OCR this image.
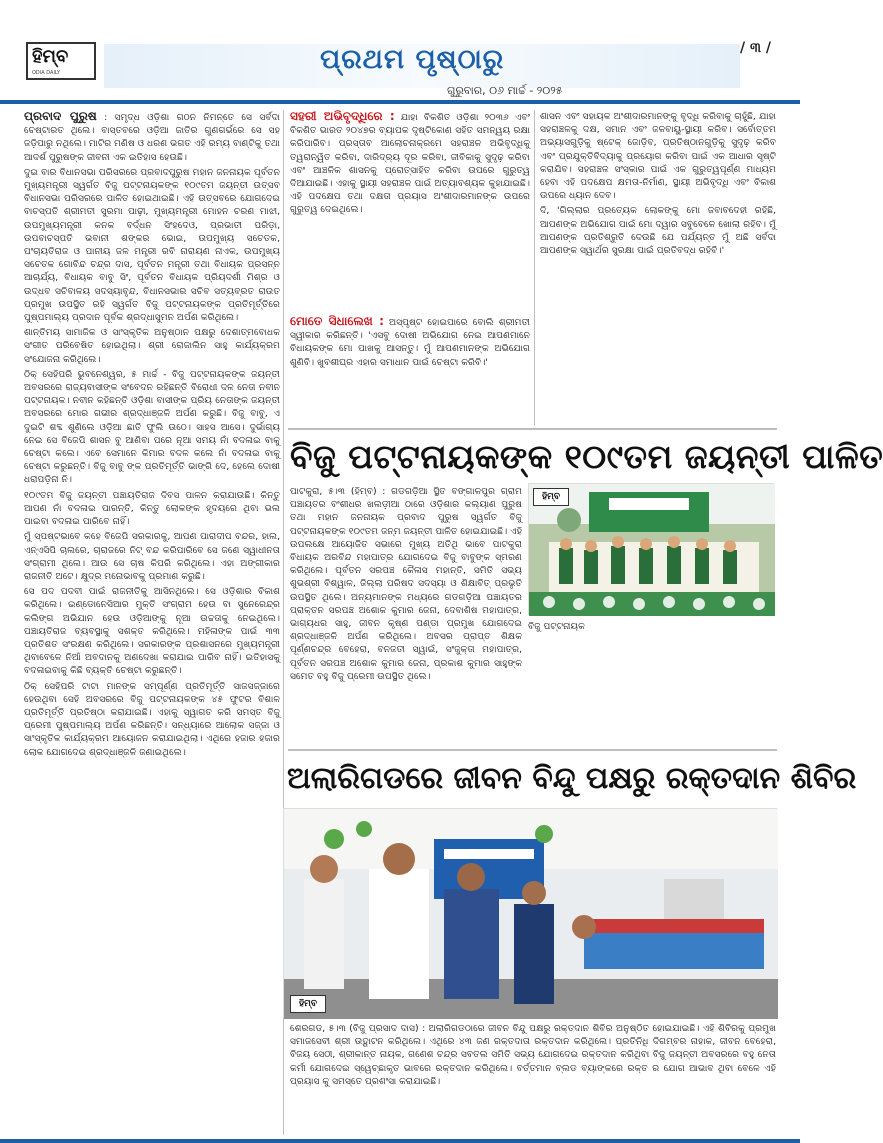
ହିମ୍ବ
ODIA DAILY	ପ୍ରଥମ ପୃଷ୍ଠାରୁ
ଗୁରୁବାର, ୦୬ ମାର୍ଚ୍ଚ - ୨୦୨୫
/ ୩ /

ପ୍ରବାଦ ପୁରୁଷ : ସମୃଦ୍ଧ ଓଡ଼ିଶା ଗଠନ ନିମନ୍ତେ ସେ ସର୍ବଦା ଚେଷ୍ଟାରତ ଥିଲେ। ବାସ୍ତବରେ ଓଡ଼ିଆ ଜାତିର ଗୁଣଗର୍ଭରେ ସେ ସହ ଜଡ଼ିପାରୁ ନଥିଲେ। ମାଟିର ମଣିଷ ଓ ଧରଣ ଭଗତ ଏହି ରମ୍ୟ ବାଣ୍ଟିକୁ ତଥା ଆଦର୍ଶ ପୁରୁଷଙ୍କ ଜୀବନୀ ଏକ ଇତିହାସ ହେଉଛି।

ଦୁଇ ବାର ବିଧାନସଭା ପରିସରରେ ପ୍ରବାଦପୁରୁଷ ମହାନ ଜନନାୟକ ପୂର୍ବତନ ମୁଖ୍ୟମନ୍ତ୍ରୀ ସ୍ୱର୍ଗତ ବିଜୁ ପଟ୍ଟନାୟକଙ୍କ ୧୦୯ତମ ଜୟନ୍ତୀ ଉତ୍ସବ ବିଧାନସଭା ପରିସରରେ ପାଳିତ ହୋଇଥାଇଛି। ଏହି ଉତ୍ସବରେ ଯୋଗଦେଇ ବାଚସ୍ପତି ଶ୍ରୀମତୀ ସୁରମା ପାଢ଼ୀ, ମୁଖ୍ୟମନ୍ତ୍ରୀ ମୋହନ ଚରଣ ମାଝୀ, ଉପମୁଖ୍ୟମନ୍ତ୍ରୀ କନକ ବର୍ଦ୍ଧନ ସିଂହଦେଓ, ପ୍ରଭାତୀ ପରିଡ଼ା, ଉପବାଚସ୍ପତି ଭବାନୀ ଶଙ୍କର ଭୋଇ, ଉପମୁଖ୍ୟ ସଚେତକ, ପଂଚାୟତିରାଜ ଓ ପାନୀୟ ଜଳ ମନ୍ତ୍ରୀ ରବି ନାରାୟଣ ନାଏକ, ଉପମୁଖ୍ୟ ସଚେତକ ଗୋବିନ୍ଦ ଚନ୍ଦ୍ର ଦାସ, ପୂର୍ବତନ ମନ୍ତ୍ରୀ ତଥା ବିଧାୟକ ପ୍ରସନ୍ନ ଆଚାର୍ଯ୍ୟ, ବିଧାୟକ ବାବୁ ସିଂ, ପୂର୍ବତନ ବିଧାୟକ ପ୍ରିୟଦର୍ଶୀ ମିଶ୍ର ଓ ଉଦ୍ଧବ ସଚିବାଳୟ ସଦସ୍ୟାବୃନ୍ଦ, ବିଧାନସଭାର ସଚିବ ସତ୍ୟବ୍ରତ ରାଉତ ପ୍ରମୁଖ ଉପସ୍ଥିତ ରହି ସ୍ୱର୍ଗତ ବିଜୁ ପଟ୍ଟନାୟକଙ୍କ ପ୍ରତିମୂର୍ତ୍ତିରେ ପୁଷ୍ପମାଲ୍ୟ ପ୍ରଦାନ ପୂର୍ବକ ଶ୍ରଦ୍ଧାସୁମନ ଅର୍ପଣ କରିଥିଲେ।

ଶାନ୍ତିମୟ ସାମାଜିକ ଓ ସାଂସ୍କୃତିକ ଅନୁଷ୍ଠାନ ପକ୍ଷରୁ ଦେଶାତ୍ମବୋଧକ ସଂଗୀତ ପରିବେଷିତ ହୋଇଥିଲା। ଶ୍ରୀ ରୋଜାଲିନ ସାହୁ କାର୍ଯ୍ୟକ୍ରମ ସଂଯୋଜନା କରିଥିଲେ।

ଠିକ୍ ସେହିପରି ଭୁବନେଶ୍ୱର, ୫ ମାର୍ଚ୍ଚ - ବିଜୁ ପଟ୍ଟନାୟକଙ୍କ ଜୟନ୍ତୀ ଅବସରରେ ରାଜ୍ୟବାସୀଙ୍କ ସଂବେଦନ ରହିଛନ୍ତି ବିରୋଧୀ ଦଳ ନେତା ନବୀନ ପଟ୍ଟନାୟକ। ନବୀନ କହିଛନ୍ତି ଓଡ଼ିଶା ବାସୀଙ୍କ ପ୍ରିୟ ନେତାଙ୍କ ଜୟନ୍ତୀ ଅବସରରେ ମୋର ଗଭୀର ଶ୍ରଦ୍ଧାଞ୍ଜଳି ଅର୍ପଣ କରୁଛି। ବିଜୁ ବାବୁ, ଏ ଦୁଇଟି ଶବ୍ଦ ଶୁଣିଲେ ଓଡ଼ିଆ ଛାତି ଫୁଲି ଉଠେ। ସାହସ ଆସେ। ଦୁର୍ଭାଗ୍ୟ ନେଇ ସେ ବିଜେପି ଶାସନ ବୁ ଆଣିବା ପରେ ନୂଆ ସମୟ ନାଁ ବଦଳାଇ ବାକୁ ଚେଷ୍ଟା କଲେ। ଏବେ ସେମାନେ କିମାର ବଦଳ କଲେ ନାଁ ବଦଳାଇ ବାକୁ ଚେଷ୍ଟା କରୁଛନ୍ତି। ବିଜୁ ବାବୁ ଙ୍କ ପ୍ରତିମୂର୍ତ୍ତି ଭାଙ୍ଗି ଦେ, ହେଲେ ଦୋଷୀ ଧରାପଡ଼ିନା ନି।

୧୦୯ତମ ବିଜୁ ଜୟନ୍ତୀ ପଞ୍ଚାୟତିରାଜ ଦିବସ ପାଳନ କରାଯାଉଛି। କିନ୍ତୁ ଆପଣ ନାଁ ବଦଳାଇ ପାରନ୍ତି, କିନ୍ତୁ ଲୋକଙ୍କ ହୃଦୟରେ ଥିବା ଭଲ ପାଇବା ବଦଳାଇ ପାରିବେ ନାହିଁ।

ମୁଁ ସ୍ପଷ୍ଟଭାବେ କହେ ବିଜେପି ସରକାରକୁ, ଆପଣ ପାରାଦୀପ ବନ୍ଦର, ହାଲ, ଏନ୍ଏସିପି ଚାଲରେ, ଚାରାଜରେ ନିଟ୍ ବନ୍ଦ କରିପାରିବେ ସେ ଜଣେ ସ୍ୱାଧୀନତା ସଂଗ୍ରାମୀ ଥିଲେ। ଆଉ ସେ ଚାଷ କିପରି କରିଥିଲେ। ଏହା ଅଙ୍ଗୀକାର ରାଜନୀତି ଅଟେ। କ୍ଷୁଦ୍ର ମନୋଭାବକୁ ପ୍ରମାଣ କରୁଛି।

ସେ ପଦ ପଦବୀ ପାଇଁ ରାଜନୀତିକୁ ଆସିନଥିଲେ। ସେ ଓଡ଼ିଶାର ବିକାଶ କରିଥିଲେ। ଇଣ୍ଡୋନେସିଆର ମୁକ୍ତି ସଂଗ୍ରାମ ହେଉ ବା ସୁନେରେନ୍ଦ୍ର କଲିଙ୍ଗ ଅଭିଯାନ ହେଉ ଓଡ଼ିଆଙ୍କୁ ନୂଆ ଉଚ୍ଚତାକୁ ନେଇଥିଲେ। ପଞ୍ଚାୟତିରାଜ ବ୍ୟବସ୍ଥାକୁ ସଶକ୍ତ କରିଥିଲେ। ମହିଳାଙ୍କ ପାଇଁ ୩୩ ପ୍ରତିଶତ ସଂରକ୍ଷଣ କରିଥିଲେ। ସରକାରଙ୍କ ପ୍ରଶାସନରେ ମୁଖ୍ୟମନ୍ତ୍ରୀ ଥିବାବେଳେ ନିଆଁ ଅବଦାନକୁ ଅଣଦେଖା କରାଯାଇ ପାରିବ ନାହିଁ। ଇତିହାସକୁ ବଦଳାଇବାକୁ କିଛି ବ୍ୟକ୍ତି ଚେଷ୍ଟା କରୁଛନ୍ତି।

ଠିକ୍ ସେହିପରି ଟାଟା ମାନଙ୍କ ସମ୍ପୂର୍ଣ୍ଣ ପ୍ରତିମୂର୍ତ୍ତି ସାଜସଜ୍ଜାରେ ହେଉଥିବା ସେହି ଅବସରରେ ବିଜୁ ପଟ୍ଟନାୟକଙ୍କ ୪୫ ଫୁଟର ବିଶାଳ ପ୍ରତିମୂର୍ତ୍ତି ପ୍ରତିଷ୍ଠା କରାଯାଇଛି। ଏହାକୁ ସ୍ୱାଗତ କରି ସମସ୍ତ ବିଜୁ ପ୍ରେମୀ ପୁଷ୍ପମାଲ୍ୟ ଅର୍ପଣ କରିଛନ୍ତି। ସନ୍ଧ୍ୟାରେ ଆଲୋକ ସଜ୍ଜା ଓ ସାଂସ୍କୃତିକ କାର୍ଯ୍ୟକ୍ରମ ଆୟୋଜନ କରାଯାଇଥିଲା। ଏଥିରେ ହଜାର ହଜାର ଲୋକ ଯୋଗଦେଇ ଶ୍ରଦ୍ଧାଞ୍ଜଳି ଜଣାଇଥିଲେ।

ସହରୀ ଅଭିବୃଦ୍ଧିରେ : ଯାହା ବିକଶିତ ଓଡ଼ିଶା ୨୦୩୬ ଏବଂ ବିକଶିତ ଭାରତ ୨୦୪୭ର ବ୍ୟାପକ ଦୃଷ୍ଟିକୋଣ ସହିତ ସମନ୍ୱୟ ରକ୍ଷା କରିପାରିବ। ପ୍ରସ୍ତାବ ଆଲୋଚନାକ୍ରମେ ସହରାଞ୍ଚଳ ଅଭିବୃଦ୍ଧିକୁ ତ୍ୱରାନ୍ୱିତ କରିବା, ଦାରିଦ୍ର୍ୟ ଦୂର କରିବା, ଜୀବିକାକୁ ସୁଦୃଢ଼ କରିବା ଏବଂ ଆଞ୍ଚଳିକ ଶାସନକୁ ପ୍ରୋତ୍ସାହିତ କରିବା ଉପରେ ଗୁରୁତ୍ୱ ଦିଆଯାଇଛି। ଏହାକୁ ସ୍ଥାୟୀ ସହରାଞ୍ଚଳ ପାଇଁ ଅତ୍ୟାବଶ୍ୟକ କୁହାଯାଇଛି। ଏହି ପଦକ୍ଷେପ ତଥା ଦକ୍ଷତା ପ୍ରୟାସ ଅଂଶୀଦାରମାନଙ୍କ ଉପରେ ଗୁରୁତ୍ୱ ଦେଇଥିଲେ।

ମୋତେ ସିଧାଲେଖ : ଅସ୍ପୃଷ୍ଟ ହୋଇପାରେ ବୋଲି ଶ୍ରୀମତୀ ସ୍ୱୀକାର କରିଛନ୍ତି। 'ଏସବୁ ଦୋଷୀ ଅଭିଯୋଗ ନେଇ ଆପଣମାନେ ବିଧାୟକଙ୍କ ମୋ ପାଖକୁ ଆସନ୍ତୁ। ମୁଁ ଆପଣମାନଙ୍କ ଅଭିଯୋଗ ଶୁଣିବି। ଖୁବଶୀଘ୍ର ଏହାର ସମାଧାନ ପାଇଁ ଚେଷ୍ଟା କରିବି।'

ଶାସନ ଏବଂ ସହାୟକ ଅଂଶୀଦାରମାନଙ୍କୁ ବୃଦ୍ଧି କରିବାକୁ ଚାହୁଁଛି, ଯାହା ସହରାଞ୍ଚଳକୁ ଦକ୍ଷ, ସମାନ ଏବଂ ଜଳବାୟୁ-ସ୍ଥାୟୀ କରିବ। ସର୍ବୋତ୍ତମ ଅଭ୍ୟାସଗୁଡ଼ିକୁ ଷ୍ଟେକ୍ ଜୋଡ଼ିବ, ପ୍ରତିଷ୍ଠାନଗୁଡ଼ିକୁ ସୁଦୃଢ଼ କରିବ ଏବଂ ପ୍ରଯୁକ୍ତିବିଦ୍ୟାକୁ ପ୍ରୟୋଗ କରିବା ପାଇଁ ଏକ ଆଧାର ସୃଷ୍ଟି କରାଯିବ। ସହରାଞ୍ଚଳ ସଂସ୍କାର ପାଇଁ ଏକ ଗୁରୁତ୍ୱପୂର୍ଣ୍ଣ ମାଧ୍ୟମ ହେବା ଏହି ପଦକ୍ଷେପ କ୍ଷମତା-ନିର୍ମାଣ, ସ୍ଥାୟୀ ଅଭିବୃଦ୍ଧି ଏବଂ ବିକାଶ ଉପରେ ଧ୍ୟାନ ଦେବ।

ଦି, 'ଗିଲ୍ଲାର ପ୍ରତ୍ୟେକ ଲୋକଙ୍କୁ ମୋ ଜବାବଦେହୀ ରହିଛି, ଆପଣଙ୍କ ଅଭିଯୋଗ ପାଇଁ ମୋ ଦ୍ୱାର ସବୁବେଳେ ଖୋଲା ରହିବ। ମୁଁ ଆପଣଙ୍କ ପ୍ରତିଶ୍ରୁତି ଦେଉଛି ଯେ ପର୍ଯ୍ୟନ୍ତ ମୁଁ ଅଛି ସର୍ବଦା ଆପଣଙ୍କ ସ୍ୱାର୍ଥର ସୁରକ୍ଷା ପାଇଁ ପ୍ରତିବଦ୍ଧ ରହିବି।'

ବିଜୁ ପଟ୍ଟନାୟକଙ୍କ ୧୦୯ତମ ଜୟନ୍ତୀ ପାଳିତ

ପାଟକୁରା, ୫।୩ (ହିମ୍ବ) : ଗଡଗଡ଼ିଆ ସ୍ଥିତ ବଙ୍ଗାଳପୁର ଗ୍ରାମ ପଞ୍ଚାୟତର ବଂଶୀଧର ଖଲଡ଼ୀଆ ଠାରେ ଓଡ଼ିଶାର କଲ୍ୟାଣ ପୁରୁଷ ତଥା ମହାନ ଜନନାୟକ ପ୍ରବାଦ ପୁରୁଷ ସ୍ୱର୍ଗତ ବିଜୁ ପଟ୍ଟନାୟକଙ୍କ ୧୦୯ତମ ଜନ୍ମ ଜୟନ୍ତୀ ପାଳିତ ହୋଇଯାଇଛି। ଏହି ଉପଲକ୍ଷେ ଆୟୋଜିତ ସଭାରେ ମୁଖ୍ୟ ଅତିଥି ଭାବେ ପାଟକୁରା ବିଧାୟକ ଅରବିନ୍ଦ ମହାପାତ୍ର ଯୋଗଦେଇ ବିଜୁ ବାବୁଙ୍କ ସ୍ମରଣ କରିଥିଲେ। ପୂର୍ବତନ ସରପଞ୍ଚ କୈଳାସ ମହାନ୍ତି, ସମିତି ସଭ୍ୟ ଶୁଭଶ୍ରୀ ବିଶ୍ୱାଳ, ଜିଲ୍ଲା ପରିଷଦ ସଦସ୍ୟା ଓ ଶିକ୍ଷାବିତ୍ ପ୍ରଭୃତି ଉପସ୍ଥିତ ଥିଲେ। ଅନ୍ୟମାନଙ୍କ ମଧ୍ୟରେ ଗଡଗଡ଼ିଆ ପଞ୍ଚାୟତର ପ୍ରାକ୍ତନ ସରପଞ୍ଚ ଅଶୋକ କୁମାର ଜେନା, ଦେବାଶିଷ ମହାପାତ୍ର, ଭାଗ୍ୟଧର ସାହୁ, ଜୀବନ କୃଷ୍ଣ ପଣ୍ଡା ପ୍ରମୁଖ ଯୋଗଦେଇ ଶ୍ରଦ୍ଧାଞ୍ଜଳି ଅର୍ପଣ କରିଥିଲେ। ଅବସର ପ୍ରାପ୍ତ ଶିକ୍ଷକ ପୂର୍ଣ୍ଣଚନ୍ଦ୍ର ବେହେରା, ବନଜତୀ ସ୍ୱାଇଁ, ସଂଜୁକ୍ତା ମହାପାତ୍ର, ପୂର୍ବତନ ସରପଞ୍ଚ ଅଶୋକ କୁମାର ଜେନା, ପ୍ରକାଶ କୁମାର ସାହୁଙ୍କ ସମେତ ବହୁ ବିଜୁ ପ୍ରେମୀ ଉପସ୍ଥିତ ଥିଲେ।

ହିମ୍ବ

ବିଜୁ ପଟ୍ଟନାୟକ

ଅଲାରିଗଡରେ ଜୀବନ ବିନ୍ଦୁ ପକ୍ଷରୁ ରକ୍ତଦାନ ଶିବିର
ହିମ୍ବ

ଶେରଗଡ, ୫।୩ (ବିଜୁ ପ୍ରସାଦ ଦାସ) : ଅଲାରିଗଡଠାରେ ଜୀବନ ବିନ୍ଦୁ ପକ୍ଷରୁ ରକ୍ତଦାନ ଶିବିର ଅନୁଷ୍ଠିତ ହୋଇଯାଇଛି। ଏହି ଶିବିରକୁ ପ୍ରମୁଖ ସମାଜସେବୀ ଶ୍ରୀ ଉଦ୍ଘାଟନ କରିଥିଲେ। ଏଥିରେ ୪୩ ଜଣ ରକ୍ତଦାତା ରକ୍ତଦାନ କରିଥିଲେ। ପ୍ରତିନିଧି ଦିଗମ୍ବର ନାହାକ, ଜୀବନ ବେହେରା, ବିଜୟ ସେଠୀ, ଶ୍ରୀକାନ୍ତ ନାୟକ, ଗଣେଶ ଚନ୍ଦ୍ର ସବତଲ ସମିତି ସଭ୍ୟ ଯୋଗଦେଇ ରକ୍ତଦାନ କରିଥିବା ବିଜୁ ଜୟନ୍ତୀ ଅବସରରେ ବହୁ ନେତା କର୍ମୀ ଯୋଗଦେଇ ସ୍ୱେଚ୍ଛାକୃତ ଭାବରେ ରକ୍ତଦାନ କରିଥିଲେ। ବର୍ତ୍ତମାନ ବ୍ଲଡ ବ୍ୟାଙ୍କରେ ରକ୍ତ ର ଯୋଗ ଆଭାବ ଥିବା ବେଳେ ଏହି ପ୍ରୟାସ କୁ ସମସ୍ତେ ପ୍ରଶଂସା କରାଯାଇଛି।
